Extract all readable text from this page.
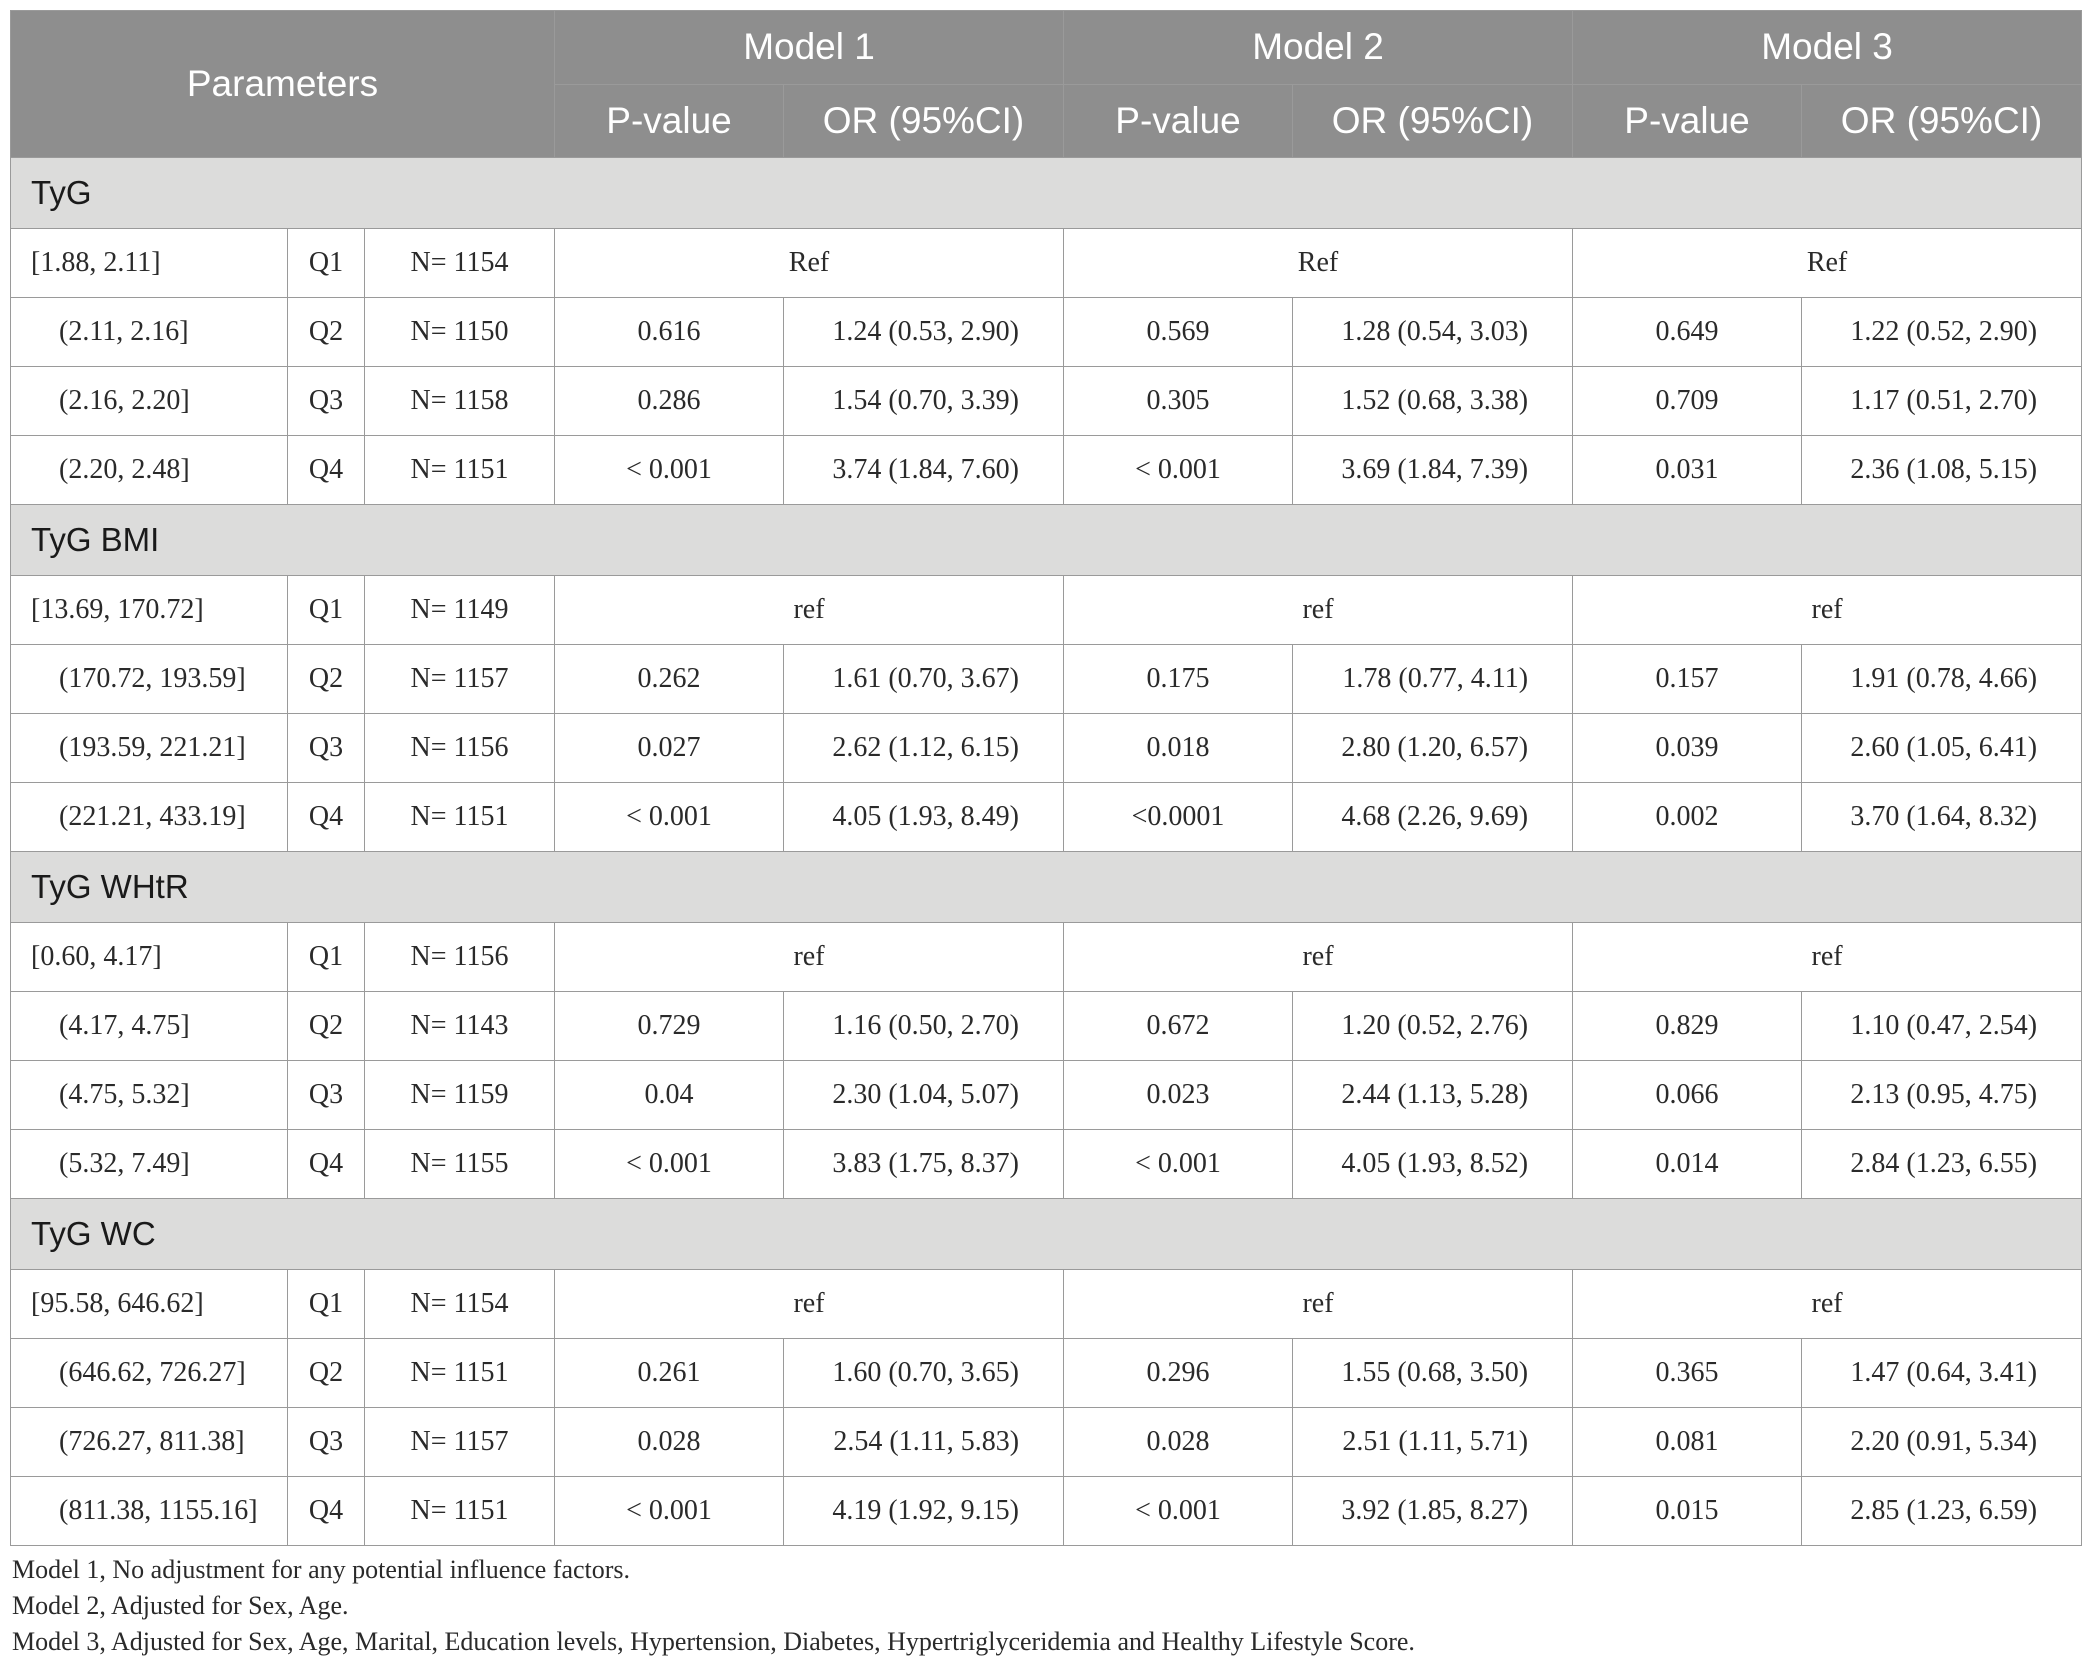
Parameters			Model 1		Model 2		Model 3	
			P-value	OR (95%CI)	P-value	OR (95%CI)	P-value	OR (95%CI)
TyG								
[1.88, 2.11]	Q1	N= 1154	Ref		Ref		Ref	
(2.11, 2.16]	Q2	N= 1150	0.616	1.24 (0.53, 2.90)	0.569	1.28 (0.54, 3.03)	0.649	1.22 (0.52, 2.90)
(2.16, 2.20]	Q3	N= 1158	0.286	1.54 (0.70, 3.39)	0.305	1.52 (0.68, 3.38)	0.709	1.17 (0.51, 2.70)
(2.20, 2.48]	Q4	N= 1151	< 0.001	3.74 (1.84, 7.60)	< 0.001	3.69 (1.84, 7.39)	0.031	2.36 (1.08, 5.15)
TyG BMI								
[13.69, 170.72]	Q1	N= 1149	ref		ref		ref	
(170.72, 193.59]	Q2	N= 1157	0.262	1.61 (0.70, 3.67)	0.175	1.78 (0.77, 4.11)	0.157	1.91 (0.78, 4.66)
(193.59, 221.21]	Q3	N= 1156	0.027	2.62 (1.12, 6.15)	0.018	2.80 (1.20, 6.57)	0.039	2.60 (1.05, 6.41)
(221.21, 433.19]	Q4	N= 1151	< 0.001	4.05 (1.93, 8.49)	<0.0001	4.68 (2.26, 9.69)	0.002	3.70 (1.64, 8.32)
TyG WHtR								
[0.60, 4.17]	Q1	N= 1156	ref		ref		ref	
(4.17, 4.75]	Q2	N= 1143	0.729	1.16 (0.50, 2.70)	0.672	1.20 (0.52, 2.76)	0.829	1.10 (0.47, 2.54)
(4.75, 5.32]	Q3	N= 1159	0.04	2.30 (1.04, 5.07)	0.023	2.44 (1.13, 5.28)	0.066	2.13 (0.95, 4.75)
(5.32, 7.49]	Q4	N= 1155	< 0.001	3.83 (1.75, 8.37)	< 0.001	4.05 (1.93, 8.52)	0.014	2.84 (1.23, 6.55)
TyG WC								
[95.58, 646.62]	Q1	N= 1154	ref		ref		ref	
(646.62, 726.27]	Q2	N= 1151	0.261	1.60 (0.70, 3.65)	0.296	1.55 (0.68, 3.50)	0.365	1.47 (0.64, 3.41)
(726.27, 811.38]	Q3	N= 1157	0.028	2.54 (1.11, 5.83)	0.028	2.51 (1.11, 5.71)	0.081	2.20 (0.91, 5.34)
(811.38, 1155.16]	Q4	N= 1151	< 0.001	4.19 (1.92, 9.15)	< 0.001	3.92 (1.85, 8.27)	0.015	2.85 (1.23, 6.59)
Model 1, No adjustment for any potential influence factors.
Model 2, Adjusted for Sex, Age.
Model 3, Adjusted for Sex, Age, Marital, Education levels, Hypertension, Diabetes, Hypertriglyceridemia and Healthy Lifestyle Score.
